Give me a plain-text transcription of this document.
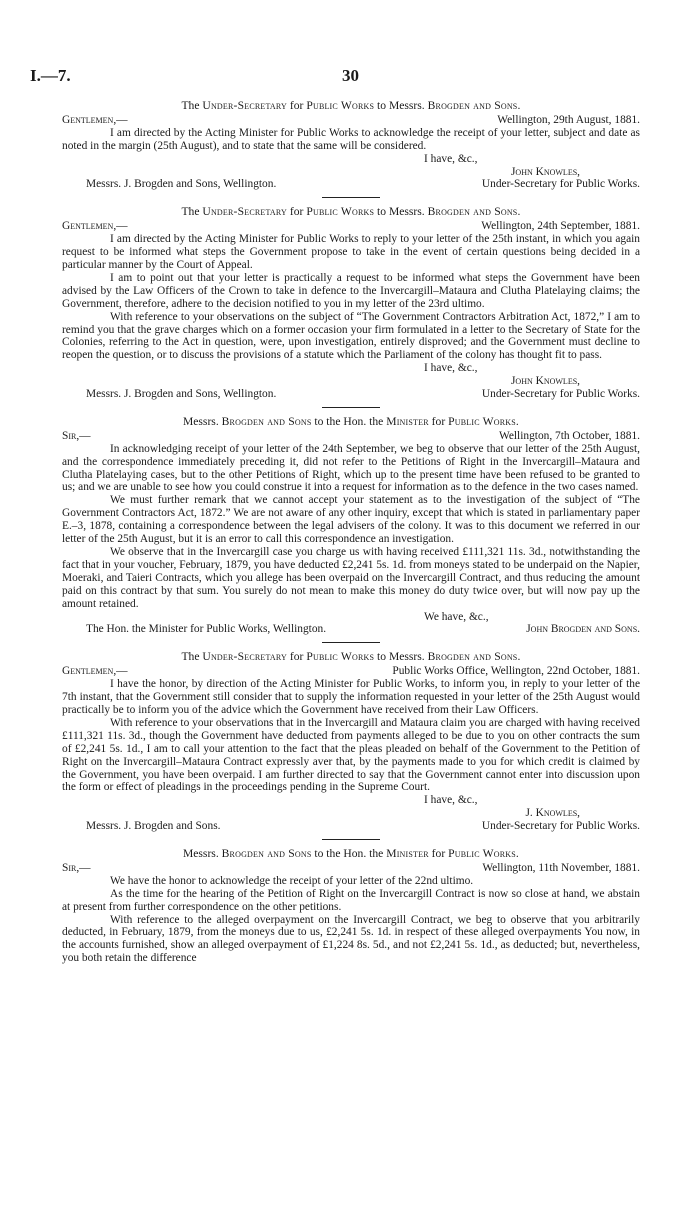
I.—7.	30
The Under-Secretary for Public Works to Messrs. Brogden and Sons.
Gentlemen,—	Wellington, 29th August, 1881.

I am directed by the Acting Minister for Public Works to acknowledge the receipt of your letter, subject and date as noted in the margin (25th August), and to state that the same will be considered.

I have, &c.,
John Knowles,
Messrs. J. Brogden and Sons, Wellington.	Under-Secretary for Public Works.
The Under-Secretary for Public Works to Messrs. Brogden and Sons.
Gentlemen,—	Wellington, 24th September, 1881.

I am directed by the Acting Minister for Public Works to reply to your letter of the 25th instant, in which you again request to be informed what steps the Government propose to take in the event of certain questions being decided in a particular manner by the Court of Appeal.

I am to point out that your letter is practically a request to be informed what steps the Government have been advised by the Law Officers of the Crown to take in defence to the Invercargill–Mataura and Clutha Platelaying claims; the Government, therefore, adhere to the decision notified to you in my letter of the 23rd ultimo.

With reference to your observations on the subject of “The Government Contractors Arbitration Act, 1872,” I am to remind you that the grave charges which on a former occasion your firm formulated in a letter to the Secretary of State for the Colonies, referring to the Act in question, were, upon investigation, entirely disproved; and the Government must decline to reopen the question, or to discuss the provisions of a statute which the Parliament of the colony has thought fit to pass.

I have, &c.,
John Knowles,
Messrs. J. Brogden and Sons, Wellington.	Under-Secretary for Public Works.
Messrs. Brogden and Sons to the Hon. the Minister for Public Works.
Sir,—	Wellington, 7th October, 1881.

In acknowledging receipt of your letter of the 24th September, we beg to observe that our letter of the 25th August, and the correspondence immediately preceding it, did not refer to the Petitions of Right in the Invercargill–Mataura and Clutha Platelaying cases, but to the other Petitions of Right, which up to the present time have been refused to be granted to us; and we are unable to see how you could construe it into a request for information as to the defence in the two cases named.

We must further remark that we cannot accept your statement as to the investigation of the subject of “The Government Contractors Act, 1872.” We are not aware of any other inquiry, except that which is stated in parliamentary paper E.–3, 1878, containing a correspondence between the legal advisers of the colony. It was to this document we referred in our letter of the 25th August, but it is an error to call this correspondence an investigation.

We observe that in the Invercargill case you charge us with having received £111,321 11s. 3d., notwithstanding the fact that in your voucher, February, 1879, you have deducted £2,241 5s. 1d. from moneys stated to be underpaid on the Napier, Moeraki, and Taieri Contracts, which you allege has been overpaid on the Invercargill Contract, and thus reducing the amount paid on this contract by that sum. You surely do not mean to make this money do duty twice over, but will now pay up the amount retained.

We have, &c.,
The Hon. the Minister for Public Works, Wellington.	John Brogden and Sons.
The Under-Secretary for Public Works to Messrs. Brogden and Sons.
Gentlemen,—	Public Works Office, Wellington, 22nd October, 1881.

I have the honor, by direction of the Acting Minister for Public Works, to inform you, in reply to your letter of the 7th instant, that the Government still consider that to supply the information requested in your letter of the 25th August would practically be to inform you of the advice which the Government have received from their Law Officers.

With reference to your observations that in the Invercargill and Mataura claim you are charged with having received £111,321 11s. 3d., though the Government have deducted from payments alleged to be due to you on other contracts the sum of £2,241 5s. 1d., I am to call your attention to the fact that the pleas pleaded on behalf of the Government to the Petition of Right on the Invercargill–Mataura Contract expressly aver that, by the payments made to you for which credit is claimed by the Government, you have been overpaid. I am further directed to say that the Government cannot enter into discussion upon the form or effect of pleadings in the proceedings pending in the Supreme Court.

I have, &c.,
J. Knowles,
Messrs. J. Brogden and Sons.	Under-Secretary for Public Works.
Messrs. Brogden and Sons to the Hon. the Minister for Public Works.
Sir,—	Wellington, 11th November, 1881.

We have the honor to acknowledge the receipt of your letter of the 22nd ultimo.

As the time for the hearing of the Petition of Right on the Invercargill Contract is now so close at hand, we abstain at present from further correspondence on the other petitions.

With reference to the alleged overpayment on the Invercargill Contract, we beg to observe that you arbitrarily deducted, in February, 1879, from the moneys due to us, £2,241 5s. 1d. in respect of these alleged overpayments You now, in the accounts furnished, show an alleged overpayment of £1,224 8s. 5d., and not £2,241 5s. 1d., as deducted; but, nevertheless, you both retain the difference
